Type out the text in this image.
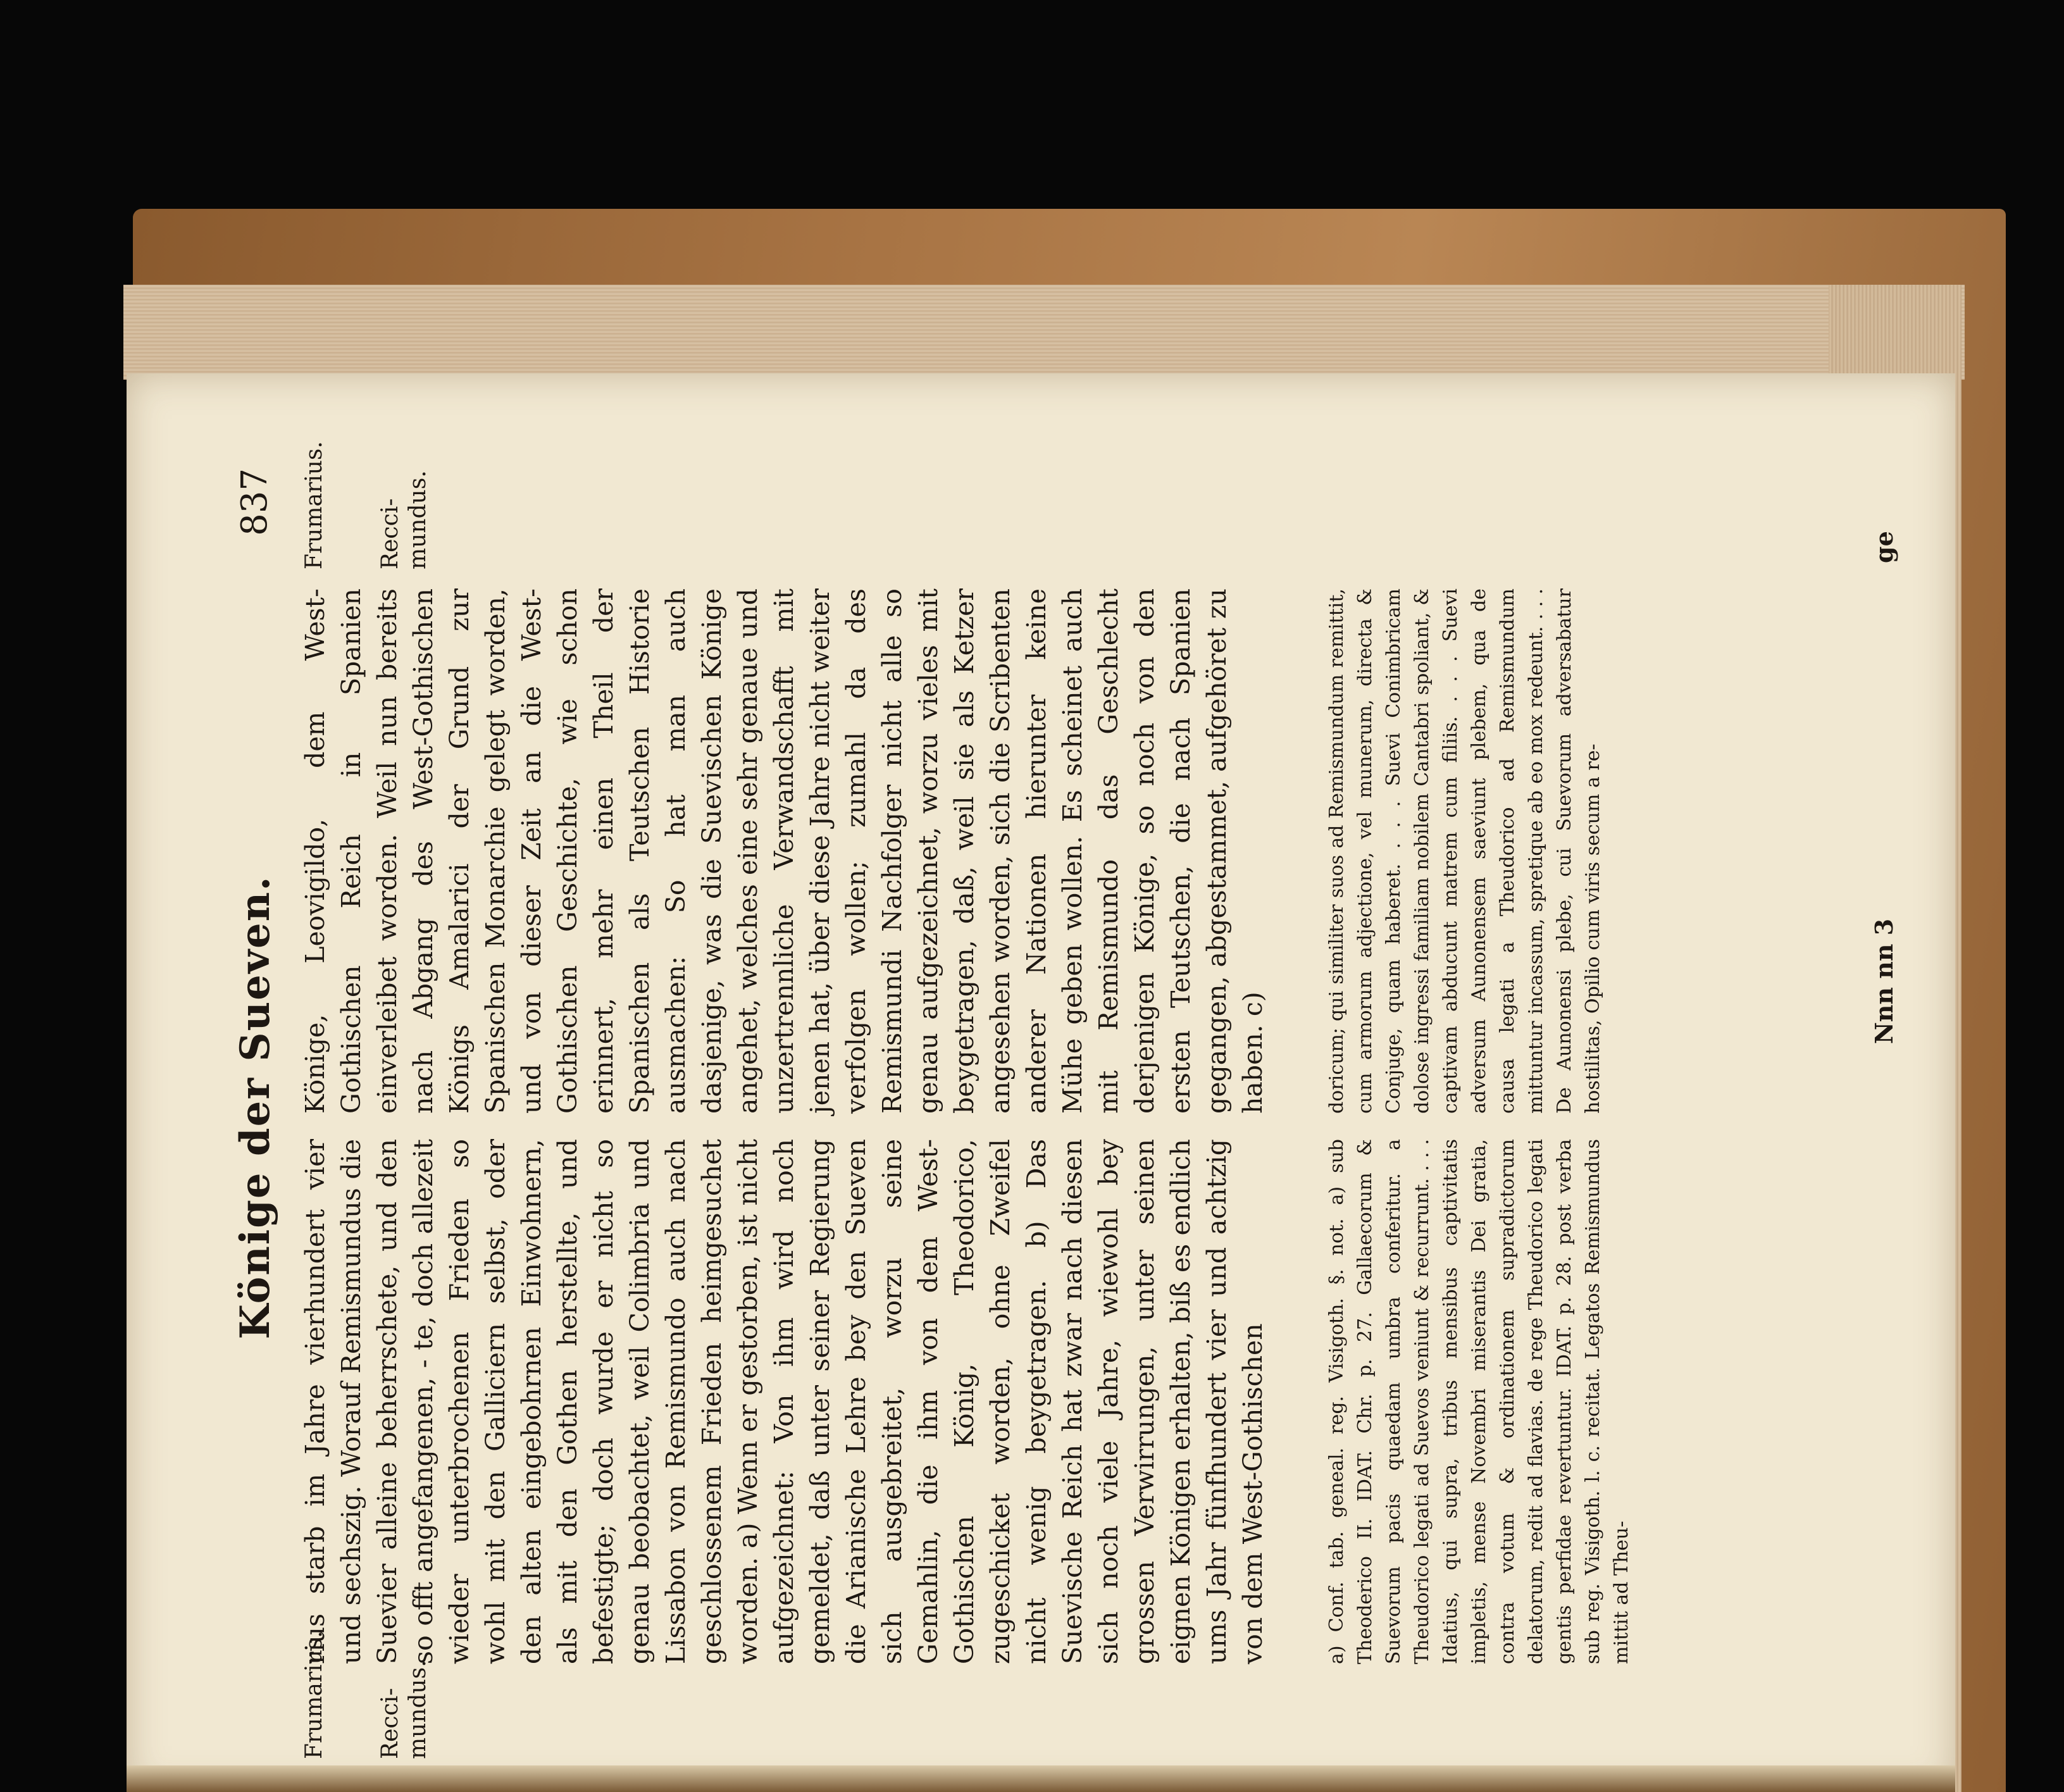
Könige der Sueven.
837
Frumarius. Recci-mundus.
Frumarius. Recci-mundus.
rius starb im Jahre vierhundert vier und sechszig. Worauf Remismundus die Suevier alleine beherrschete, und den so offt angefangenen, ‑ te, doch allezeit wieder unterbrochenen Frieden so wohl mit den Galliciern selbst, oder den alten eingebohrnen Einwohnern, als mit den Gothen herstellte, und befestigte; doch wurde er nicht so genau beobachtet, weil Colimbria und Lissabon von Remismundo auch nach geschlossenem Frieden heimgesuchet worden. a) Wenn er gestorben, ist nicht aufgezeichnet: Von ihm wird noch gemeldet, daß unter seiner Regierung die Arianische Lehre bey den Sueven sich ausgebreitet, worzu seine Gemahlin, die ihm von dem West-Gothischen König, Theodorico, zugeschicket worden, ohne Zweifel nicht wenig beygetragen. b) Das Suevische Reich hat zwar nach diesen sich noch viele Jahre, wiewohl bey grossen Verwirrungen, unter seinen eignen Königen erhalten, biß es endlich ums Jahr fünfhundert vier und achtzig von dem West-Gothischen
Könige, Leovigildo, dem West-Gothischen Reich in Spanien einverleibet worden. Weil nun bereits nach Abgang des West-Gothischen Königs Amalarici der Grund zur Spanischen Monarchie gelegt worden, und von dieser Zeit an die West-Gothischen Geschichte, wie schon erinnert, mehr einen Theil der Spanischen als Teutschen Historie ausmachen: So hat man auch dasjenige, was die Suevischen Könige angehet, welches eine sehr genaue und unzertrennliche Verwandschafft mit jenen hat, über diese Jahre nicht weiter verfolgen wollen; zumahl da des Remismundi Nachfolger nicht alle so genau aufgezeichnet, worzu vieles mit beygetragen, daß, weil sie als Ketzer angesehen worden, sich die Scribenten anderer Nationen hierunter keine Mühe geben wollen. Es scheinet auch mit Remismundo das Geschlecht derjenigen Könige, so noch von den ersten Teutschen, die nach Spanien gegangen, abgestammet, aufgehöret zu haben. c)
a) Conf. tab. geneal. reg. Visigoth. §. not. a) sub Theoderico II. IDAT. Chr. p. 27. Gallaecorum & Suevorum pacis quaedam umbra conferitur. a Theudorico legati ad Suevos veniunt & recurrunt. . . . Idatius, qui supra, tribus mensibus captivitatis impletis, mense Novembri miserantis Dei gratia, contra votum & ordinationem supradictorum delatorum, redit ad flavias. de rege Theudorico legati gentis perfidae revertuntur. IDAT. p. 28. post verba sub reg. Visigoth. l. c. recitat. Legatos Remismundus mittit ad Theu-
doricum; qui similiter suos ad Remismundum remittit, cum armorum adjectione, vel munerum, directa & Conjuge, quam haberet. . . . Suevi Conimbricam dolose ingressi familiam nobilem Cantabri spoliant, & captivam abducunt matrem cum filiis. . . . Suevi adversum Aunonensem saeviunt plebem, qua de causa legati a Theudorico ad Remismundum mittuntur incassum, spretique ab eo mox redeunt. . . . De Aunonensi plebe, cui Suevorum adversabatur hostilitas, Opilio cum viris secum a re-	Nnn nn 3
ge
